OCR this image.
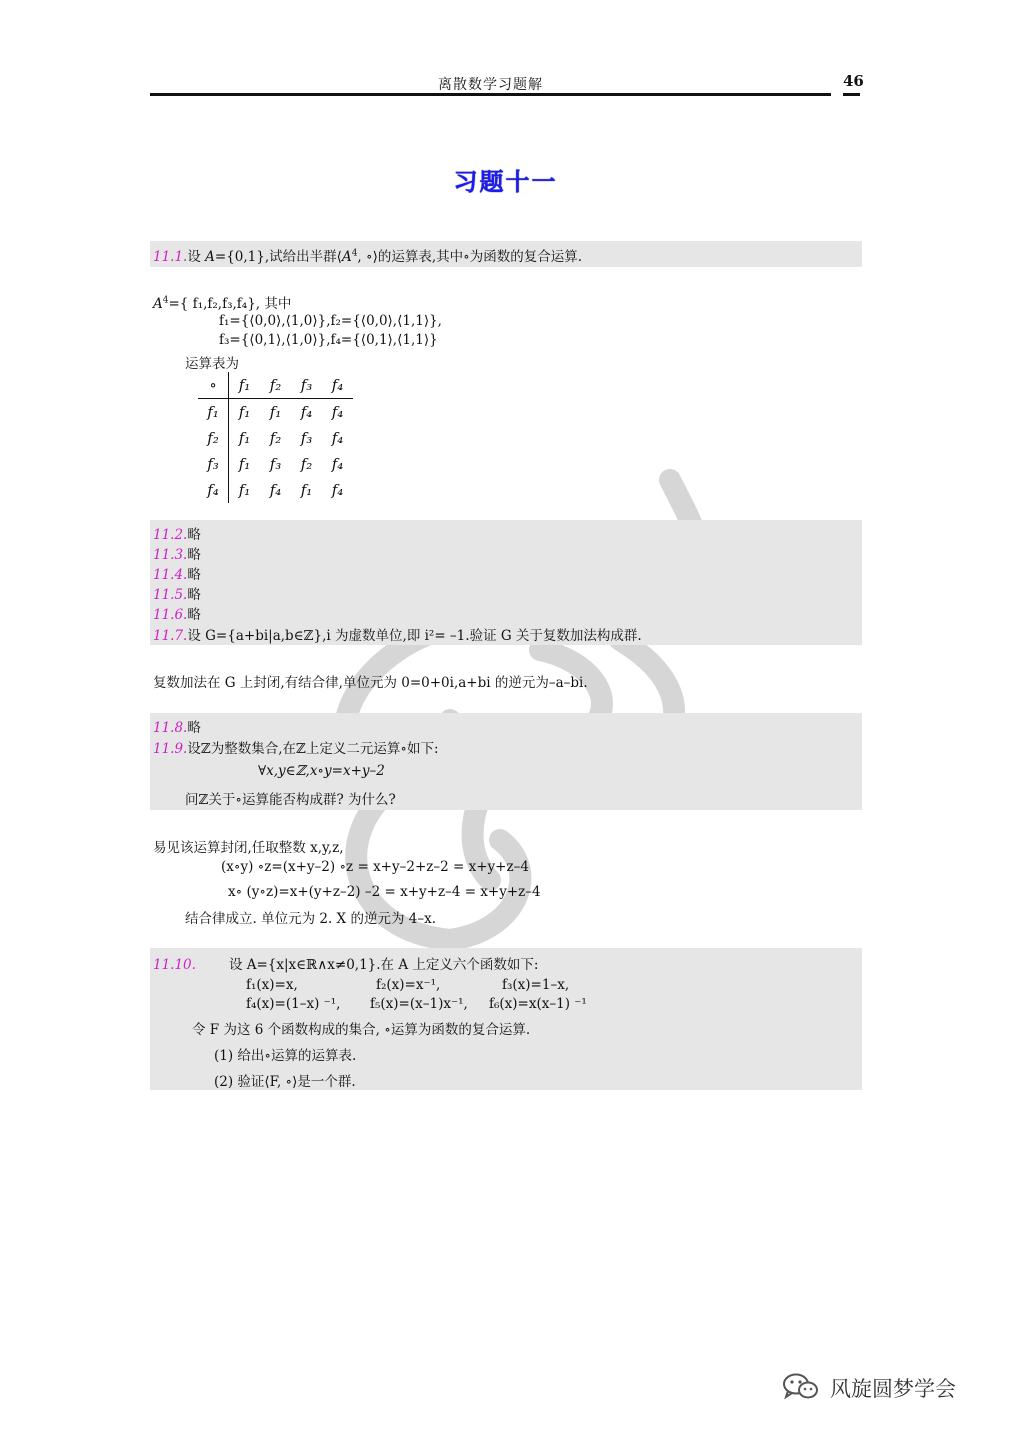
离散数学习题解	46
习题十一
11.1.设 A={0,1},试给出半群$⟨A^4$, ∘⟩的运算表,其中∘为函数的复合运算.
$A^4=${ f₁,f₂,f₃,f₄}, 其中
f₁={⟨0,0⟩,⟨1,0⟩},f₂={⟨0,0⟩,⟨1,1⟩},
f₃={⟨0,1⟩,⟨1,0⟩},f₄={⟨0,1⟩,⟨1,1⟩}
运算表为
∘	f₁	f₂	f₃	f₄
f₁	f₁	f₁	f₄	f₄
f₂	f₁	f₂	f₃	f₄
f₃	f₁	f₃	f₂	f₄
f₄	f₁	f₄	f₁	f₄
11.2.略
11.3.略
11.4.略
11.5.略
11.6.略
11.7.设 G={a+bi|a,b∈ℤ},i 为虚数单位,即 i²= –1.验证 G 关于复数加法构成群.
复数加法在 G 上封闭,有结合律,单位元为 0=0+0i,a+bi 的逆元为–a–bi.
11.8.略
11.9.设ℤ为整数集合,在ℤ上定义二元运算∘如下:
∀x,y∈ℤ,x∘y=x+y–2
问ℤ关于∘运算能否构成群? 为什么?
易见该运算封闭,任取整数 x,y,z,
(x∘y) ∘z=(x+y–2) ∘z = x+y–2+z–2 = x+y+z–4
x∘ (y∘z)=x+(y+z–2) –2 = x+y+z–4 = x+y+z–4
结合律成立. 单位元为 2. X 的逆元为 4–x.
11.10. 设 A={x|x∈ℝ∧x≠0,1}.在 A 上定义六个函数如下:
f₁(x)=x,	f₂(x)=x⁻¹,	f₃(x)=1–x,
f₄(x)=(1–x) ⁻¹, f₅(x)=(x–1)x⁻¹, f₆(x)=x(x–1) ⁻¹
令 F 为这 6 个函数构成的集合, ∘运算为函数的复合运算.
(1) 给出∘运算的运算表.
(2) 验证⟨F, ∘⟩是一个群.
风旋圆梦学会
